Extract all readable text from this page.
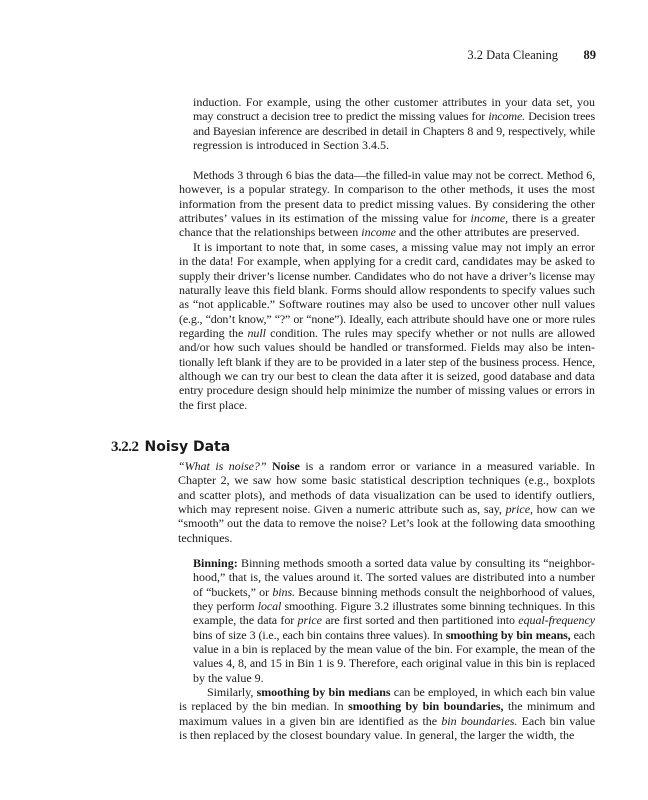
3.2 Data Cleaning 89
induction. For example, using the other customer attributes in your data set, you
may construct a decision tree to predict the missing values for income. Decision trees
and Bayesian inference are described in detail in Chapters 8 and 9, respectively, while
regression is introduced in Section 3.4.5.
Methods 3 through 6 bias the data—the filled-in value may not be correct. Method 6,
however, is a popular strategy. In comparison to the other methods, it uses the most
information from the present data to predict missing values. By considering the other
attributes’ values in its estimation of the missing value for income, there is a greater
chance that the relationships between income and the other attributes are preserved.
It is important to note that, in some cases, a missing value may not imply an error
in the data! For example, when applying for a credit card, candidates may be asked to
supply their driver’s license number. Candidates who do not have a driver’s license may
naturally leave this field blank. Forms should allow respondents to specify values such
as “not applicable.” Software routines may also be used to uncover other null values
(e.g., “don’t know,” “?” or “none”). Ideally, each attribute should have one or more rules
regarding the null condition. The rules may specify whether or not nulls are allowed
and/or how such values should be handled or transformed. Fields may also be inten-
tionally left blank if they are to be provided in a later step of the business process. Hence,
although we can try our best to clean the data after it is seized, good database and data
entry procedure design should help minimize the number of missing values or errors in
the first place.
3.2.2 Noisy Data
“What is noise?” Noise is a random error or variance in a measured variable. In
Chapter 2, we saw how some basic statistical description techniques (e.g., boxplots
and scatter plots), and methods of data visualization can be used to identify outliers,
which may represent noise. Given a numeric attribute such as, say, price, how can we
“smooth” out the data to remove the noise? Let’s look at the following data smoothing
techniques.
Binning: Binning methods smooth a sorted data value by consulting its “neighbor-
hood,” that is, the values around it. The sorted values are distributed into a number
of “buckets,” or bins. Because binning methods consult the neighborhood of values,
they perform local smoothing. Figure 3.2 illustrates some binning techniques. In this
example, the data for price are first sorted and then partitioned into equal-frequency
bins of size 3 (i.e., each bin contains three values). In smoothing by bin means, each
value in a bin is replaced by the mean value of the bin. For example, the mean of the
values 4, 8, and 15 in Bin 1 is 9. Therefore, each original value in this bin is replaced
by the value 9.
Similarly, smoothing by bin medians can be employed, in which each bin value
is replaced by the bin median. In smoothing by bin boundaries, the minimum and
maximum values in a given bin are identified as the bin boundaries. Each bin value
is then replaced by the closest boundary value. In general, the larger the width, the
